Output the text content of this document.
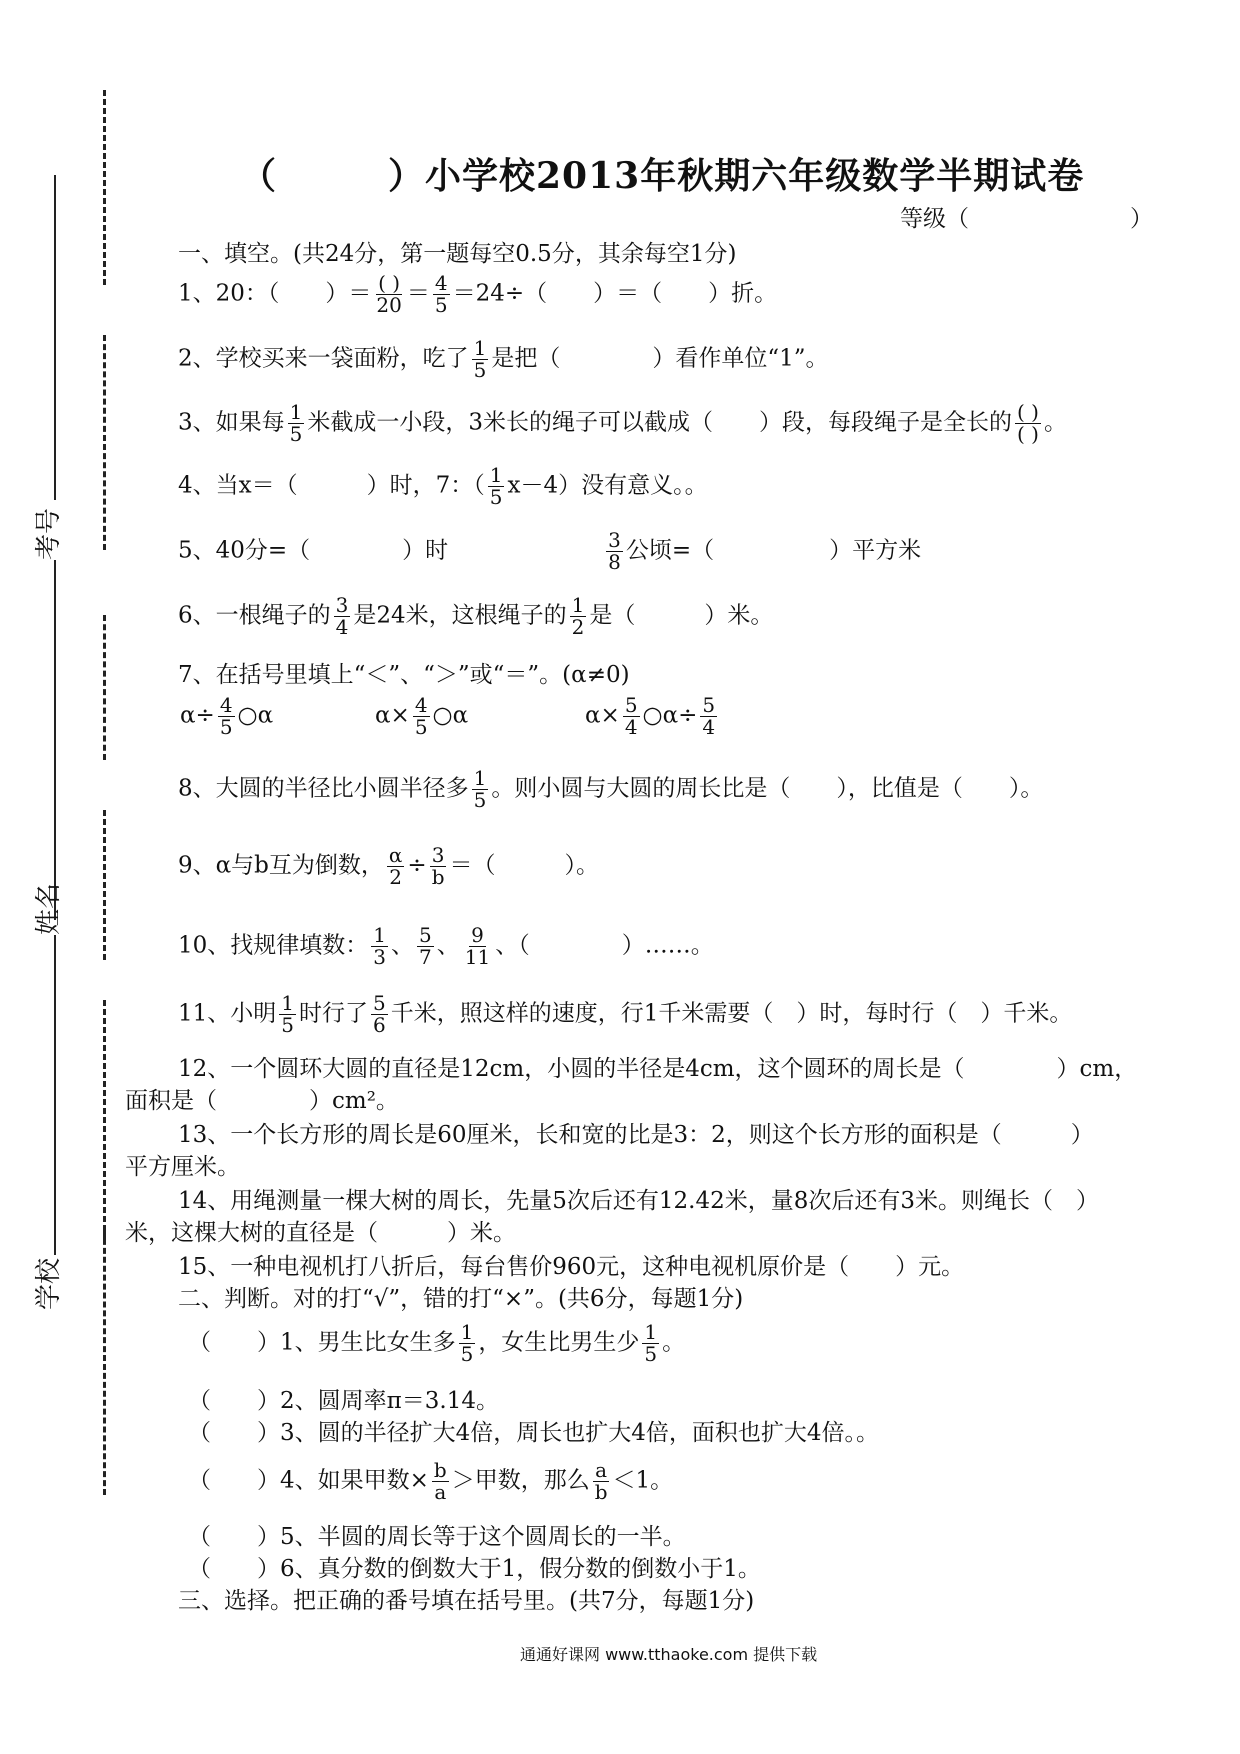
考号
姓名
学校
（　　　）小学校2013年秋期六年级数学半期试卷
等级（　　　　　　　）
一、填空。(共24分，第一题每空0.5分，其余每空1分)
1、20：（　　）＝ $\frac{( )}{20} = \frac{4}{5} =24\div$（　　）＝（　　）折。
2、学校买来一袋面粉，吃了 $\frac{1}{5}$ 是把（　　　　）看作单位“1”。
3、如果每 $\frac{1}{5}$ 米截成一小段，3米长的绳子可以截成（　　）段，每段绳子是全长的 $\frac{( )}{( )}$ 。
4、当x＝（　　　）时，7：（ $\frac{1}{5} x-4$）没有意义。。
5、40分=（　　　　）时	$\frac{3}{8}$ 公顷=（　　　　　）平方米
6、一根绳子的 $\frac{3}{4}$ 是24米，这根绳子的 $\frac{1}{2}$ 是（　　　）米。
7、在括号里填上“＜”、“＞”或“＝”。(α≠0)
$\alpha\div \frac{4}{5}$ ○α	$\alpha\times \frac{4}{5}$ ○α	$\alpha\times \frac{5}{4}$ ○α÷ $\frac{5}{4}$
8、大圆的半径比小圆半径多 $\frac{1}{5}$ 。则小圆与大圆的周长比是（　　），比值是（　　）。
9、α与b互为倒数， $\frac{\alpha}{2} \div \frac{3}{b}$ ＝（　　　）。
10、找规律填数： $\frac{1}{3}$ 、 $\frac{5}{7}$ 、 $\frac{9}{11}$ 、（　　　　）……。
11、小明 $\frac{1}{5}$ 时行了 $\frac{5}{6}$ 千米，照这样的速度，行1千米需要（　）时，每时行（　）千米。
12、一个圆环大圆的直径是12cm，小圆的半径是4cm，这个圆环的周长是（　　　　）cm，
面积是（　　　　）cm²。
13、一个长方形的周长是60厘米，长和宽的比是3：2，则这个长方形的面积是（　　　）
平方厘米。
14、用绳测量一棵大树的周长，先量5次后还有12.42米，量8次后还有3米。则绳长（　）
米，这棵大树的直径是（　　　）米。
15、一种电视机打八折后，每台售价960元，这种电视机原价是（　　）元。
二、判断。对的打“√”，错的打“×”。(共6分，每题1分)
（　　）1、男生比女生多 $\frac{1}{5}$ ，女生比男生少 $\frac{1}{5}$ 。
（　　）2、圆周率π＝3.14。
（　　）3、圆的半径扩大4倍，周长也扩大4倍，面积也扩大4倍。。
（　　）4、如果甲数× $\frac{b}{a}$ ＞甲数，那么 $\frac{a}{b} <1$。
（　　）5、半圆的周长等于这个圆周长的一半。
（　　）6、真分数的倒数大于1，假分数的倒数小于1。
三、选择。把正确的番号填在括号里。(共7分，每题1分)
通通好课网 www.tthaoke.com 提供下载
